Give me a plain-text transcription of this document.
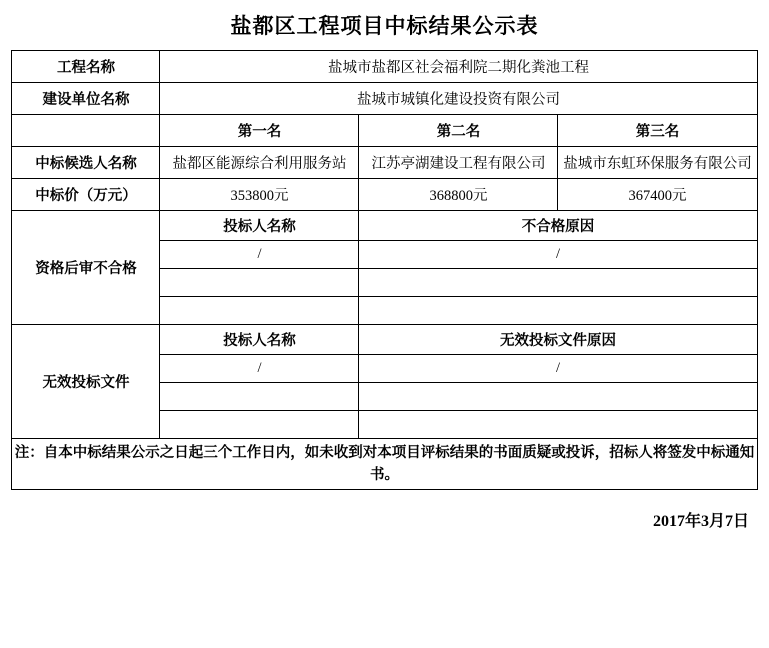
盐都区工程项目中标结果公示表
工程名称	盐城市盐都区社会福利院二期化粪池工程		
建设单位名称	盐城市城镇化建设投资有限公司		
	第一名	第二名	第三名
中标候选人名称	盐都区能源综合利用服务站	江苏亭湖建设工程有限公司	盐城市东虹环保服务有限公司
中标价（万元）	353800元	368800元	367400元
资格后审不合格	投标人名称	不合格原因	
	/	/	

无效投标文件	投标人名称	无效投标文件原因	
	/	/	

注：自本中标结果公示之日起三个工作日内，如未收到对本项目评标结果的书面质疑或投诉，招标人将签发中标通知书。			
2017年3月7日
